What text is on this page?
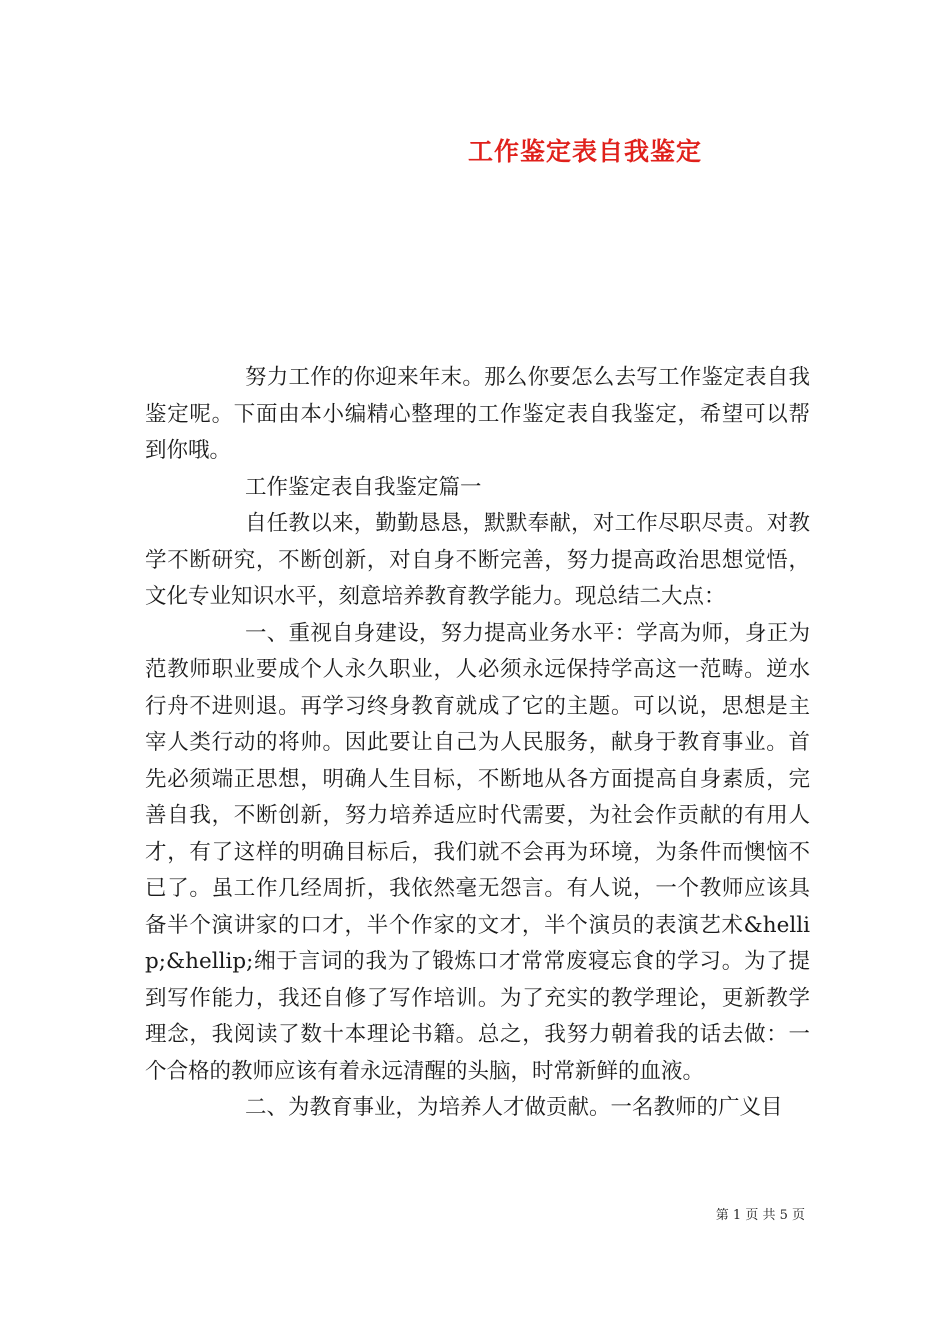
工作鉴定表自我鉴定

努力工作的你迎来年末。那么你要怎么去写工作鉴定表自我鉴定呢。下面由本小编精心整理的工作鉴定表自我鉴定，希望可以帮到你哦。

工作鉴定表自我鉴定篇一

自任教以来，勤勤恳恳，默默奉献，对工作尽职尽责。对教学不断研究，不断创新，对自身不断完善，努力提高政治思想觉悟，文化专业知识水平，刻意培养教育教学能力。现总结二大点：

一、重视自身建设，努力提高业务水平：学高为师，身正为范教师职业要成个人永久职业，人必须永远保持学高这一范畴。逆水行舟不进则退。再学习终身教育就成了它的主题。可以说，思想是主宰人类行动的将帅。因此要让自己为人民服务，献身于教育事业。首先必须端正思想，明确人生目标，不断地从各方面提高自身素质，完善自我，不断创新，努力培养适应时代需要，为社会作贡献的有用人才，有了这样的明确目标后，我们就不会再为环境，为条件而懊恼不已了。虽工作几经周折，我依然毫无怨言。有人说，一个教师应该具备半个演讲家的口才，半个作家的文才，半个演员的表演艺术&hellip;&hellip;缃于言词的我为了锻炼口才常常废寝忘食的学习。为了提到写作能力，我还自修了写作培训。为了充实的教学理论，更新教学理念，我阅读了数十本理论书籍。总之，我努力朝着我的话去做：一个合格的教师应该有着永远清醒的头脑，时常新鲜的血液。

二、为教育事业，为培养人才做贡献。一名教师的广义目

第 1 页 共 5 页
